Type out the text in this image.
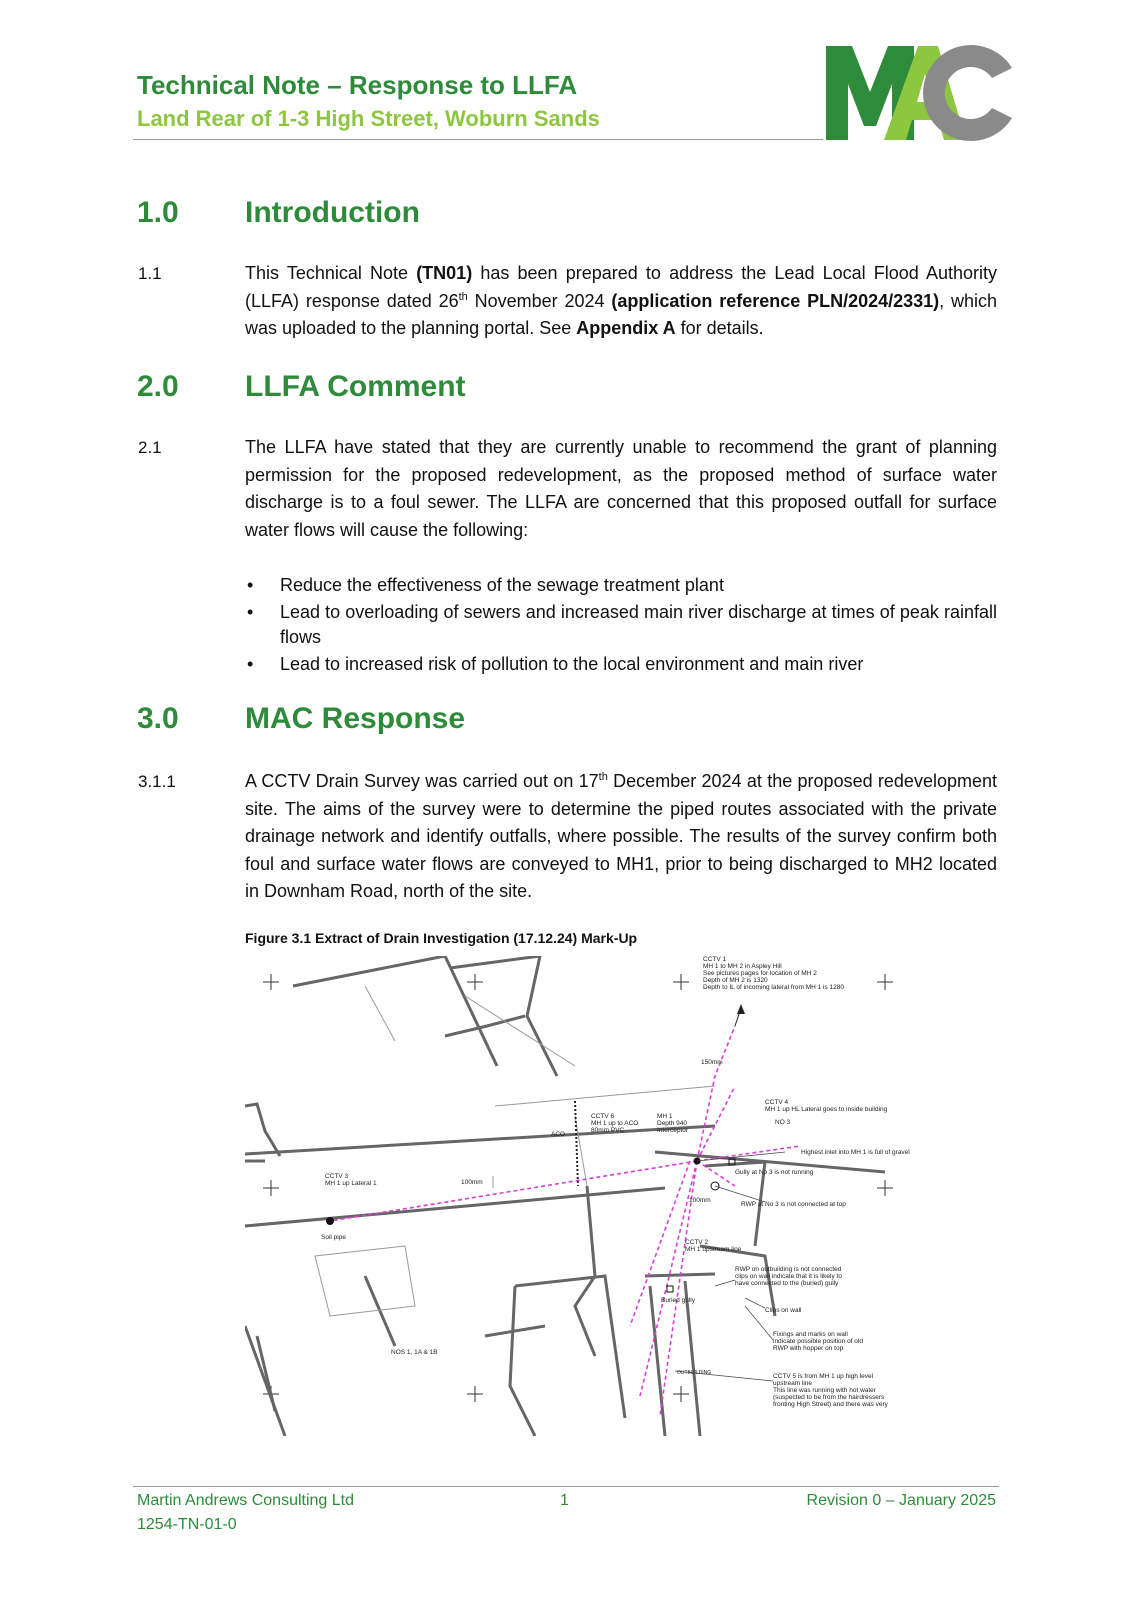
Technical Note – Response to LLFA
Land Rear of 1-3 High Street, Woburn Sands
1.0 Introduction
1.1	This Technical Note (TN01) has been prepared to address the Lead Local Flood Authority (LLFA) response dated 26th November 2024 (application reference PLN/2024/2331), which was uploaded to the planning portal. See Appendix A for details.
2.0 LLFA Comment
2.1	The LLFA have stated that they are currently unable to recommend the grant of planning permission for the proposed redevelopment, as the proposed method of surface water discharge is to a foul sewer. The LLFA are concerned that this proposed outfall for surface water flows will cause the following:
• Reduce the effectiveness of the sewage treatment plant
• Lead to overloading of sewers and increased main river discharge at times of peak rainfall flows
• Lead to increased risk of pollution to the local environment and main river
3.0 MAC Response
3.1.1	A CCTV Drain Survey was carried out on 17th December 2024 at the proposed redevelopment site. The aims of the survey were to determine the piped routes associated with the private drainage network and identify outfalls, where possible. The results of the survey confirm both foul and surface water flows are conveyed to MH1, prior to being discharged to MH2 located in Downham Road, north of the site.
Figure 3.1 Extract of Drain Investigation (17.12.24) Mark-Up
CCTV 1 MH 1 to MH 2 in Aspley Hill See pictures pages for location of MH 2 Depth of MH 2 is 1320 Depth to IL of incoming lateral from MH 1 is 1280
150mm
CCTV 4 MH 1 up HL Lateral goes to inside building
CCTV 6 MH 1 up to ACO 80mm PVC
MH 1 Depth 940 Interceptor
ACO
NO 3
Highest inlet into MH 1 is full of gravel
Gully at No 3 is not running
CCTV 3 MH 1 up Lateral 1	100mm
100mm
RWP at No 3 is not connected at top
Soil pipe
CCTV 2 MH 1 upstream line
RWP on outbuilding is not connected clips on wall indicate that it is likely to have connected to the (buried) gully
Buried gully
Clips on wall
Fixings and marks on wall indicate possible position of old RWP with hopper on top
NOS 1, 1A & 1B
OUTBUILDING	CCTV 5 is from MH 1 up high level upstream line This line was running with hot water (suspected to be from the hairdressers fronting High Street) and there was very
Martin Andrews Consulting Ltd
1254-TN-01-0
1	Revision 0 – January 2025
